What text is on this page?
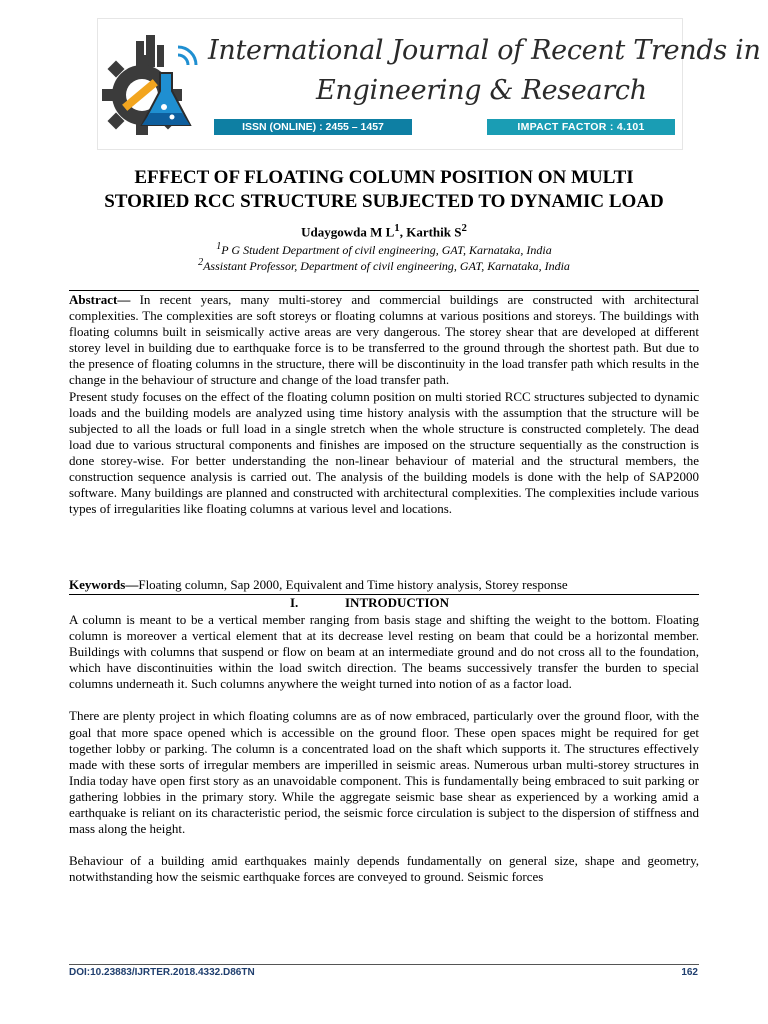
International Journal of Recent Trends in
Engineering & Research
ISSN (ONLINE) : 2455 – 1457	IMPACT FACTOR : 4.101
EFFECT OF FLOATING COLUMN POSITION ON MULTI
STORIED RCC STRUCTURE SUBJECTED TO DYNAMIC LOAD
Udaygowda M $L^1$, Karthik $S^2$
$^1$P G Student Department of civil engineering, GAT, Karnataka, India
$^2$Assistant Professor, Department of civil engineering, GAT, Karnataka, India

Abstract— In recent years, many multi-storey and commercial buildings are constructed with architectural complexities. The complexities are soft storeys or floating columns at various positions and storeys. The buildings with floating columns built in seismically active areas are very dangerous. The storey shear that are developed at different storey level in building due to earthquake force is to be transferred to the ground through the shortest path. But due to the presence of floating columns in the structure, there will be discontinuity in the load transfer path which results in the change in the behaviour of structure and change of the load transfer path.

Present study focuses on the effect of the floating column position on multi storied RCC structures subjected to dynamic loads and the building models are analyzed using time history analysis with the assumption that the structure will be subjected to all the loads or full load in a single stretch when the whole structure is constructed completely. The dead load due to various structural components and finishes are imposed on the structure sequentially as the construction is done storey-wise. For better understanding the non-linear behaviour of material and the structural members, the construction sequence analysis is carried out. The analysis of the building models is done with the help of SAP2000 software. Many buildings are planned and constructed with architectural complexities. The complexities include various types of irregularities like floating columns at various level and locations.

Keywords—Floating column, Sap 2000, Equivalent and Time history analysis, Storey response
I.	INTRODUCTION

A column is meant to be a vertical member ranging from basis stage and shifting the weight to the bottom. Floating column is moreover a vertical element that at its decrease level resting on beam that could be a horizontal member. Buildings with columns that suspend or flow on beam at an intermediate ground and do not cross all to the foundation, which have discontinuities within the load switch direction. The beams successively transfer the burden to special columns underneath it. Such columns anywhere the weight turned into notion of as a factor load.

There are plenty project in which floating columns are as of now embraced, particularly over the ground floor, with the goal that more space opened which is accessible on the ground floor. These open spaces might be required for get together lobby or parking. The column is a concentrated load on the shaft which supports it. The structures effectively made with these sorts of irregular members are imperilled in seismic areas. Numerous urban multi-storey structures in India today have open first story as an unavoidable component. This is fundamentally being embraced to suit parking or gathering lobbies in the primary story. While the aggregate seismic base shear as experienced by a working amid a earthquake is reliant on its characteristic period, the seismic force circulation is subject to the dispersion of stiffness and mass along the height.

Behaviour of a building amid earthquakes mainly depends fundamentally on general size, shape and geometry, notwithstanding how the seismic earthquake forces are conveyed to ground. Seismic forces

DOI:10.23883/IJRTER.2018.4332.D86TN	162
